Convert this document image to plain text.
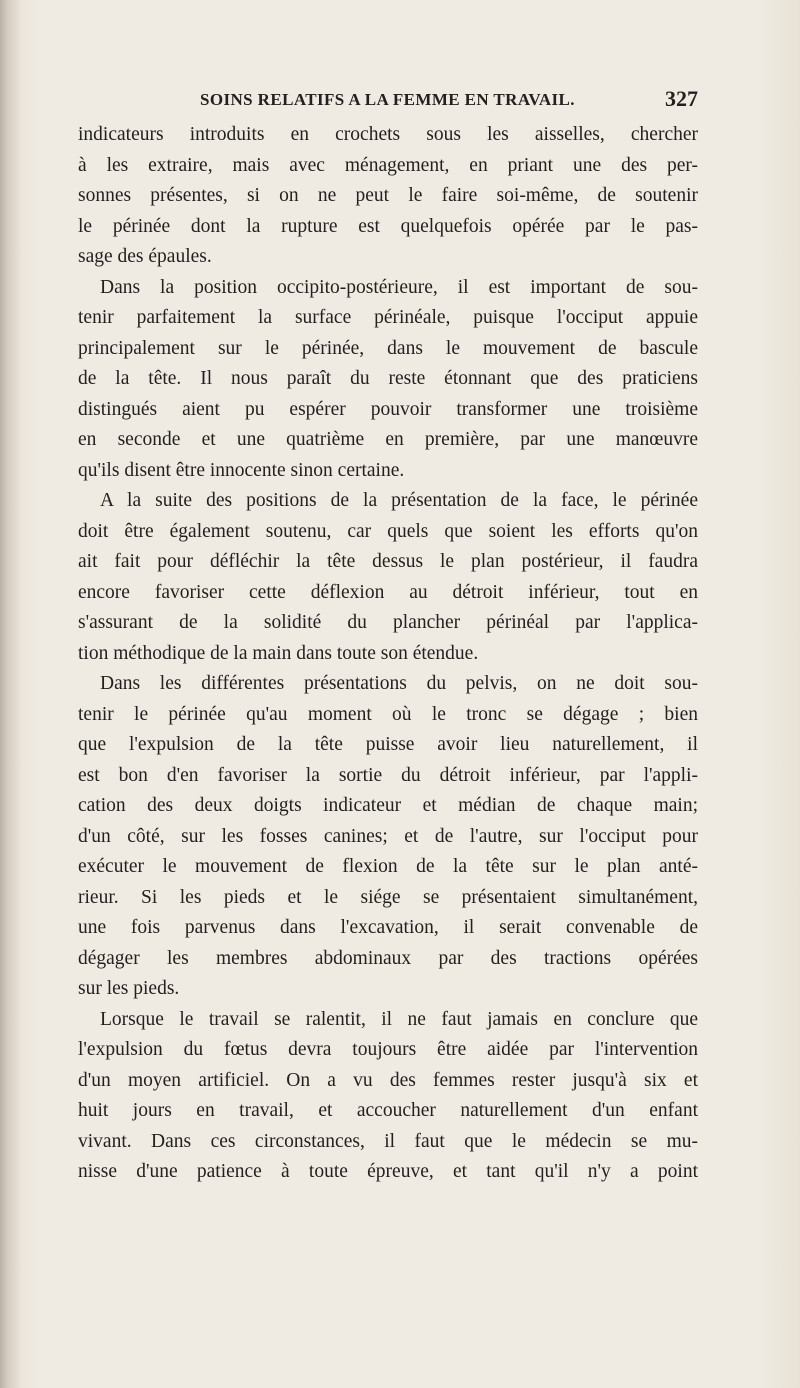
SOINS RELATIFS A LA FEMME EN TRAVAIL.	327
indicateurs introduits en crochets sous les aisselles, chercher
à les extraire, mais avec ménagement, en priant une des per-
sonnes présentes, si on ne peut le faire soi-même, de soutenir
le périnée dont la rupture est quelquefois opérée par le pas-
sage des épaules.
Dans la position occipito-postérieure, il est important de sou-
tenir parfaitement la surface périnéale, puisque l'occiput appuie
principalement sur le périnée, dans le mouvement de bascule
de la tête. Il nous paraît du reste étonnant que des praticiens
distingués aient pu espérer pouvoir transformer une troisième
en seconde et une quatrième en première, par une manœuvre
qu'ils disent être innocente sinon certaine.
A la suite des positions de la présentation de la face, le périnée
doit être également soutenu, car quels que soient les efforts qu'on
ait fait pour défléchir la tête dessus le plan postérieur, il faudra
encore favoriser cette déflexion au détroit inférieur, tout en
s'assurant de la solidité du plancher périnéal par l'applica-
tion méthodique de la main dans toute son étendue.
Dans les différentes présentations du pelvis, on ne doit sou-
tenir le périnée qu'au moment où le tronc se dégage ; bien
que l'expulsion de la tête puisse avoir lieu naturellement, il
est bon d'en favoriser la sortie du détroit inférieur, par l'appli-
cation des deux doigts indicateur et médian de chaque main;
d'un côté, sur les fosses canines; et de l'autre, sur l'occiput pour
exécuter le mouvement de flexion de la tête sur le plan anté-
rieur. Si les pieds et le siége se présentaient simultanément,
une fois parvenus dans l'excavation, il serait convenable de
dégager les membres abdominaux par des tractions opérées
sur les pieds.
Lorsque le travail se ralentit, il ne faut jamais en conclure que
l'expulsion du fœtus devra toujours être aidée par l'intervention
d'un moyen artificiel. On a vu des femmes rester jusqu'à six et
huit jours en travail, et accoucher naturellement d'un enfant
vivant. Dans ces circonstances, il faut que le médecin se mu-
nisse d'une patience à toute épreuve, et tant qu'il n'y a point
